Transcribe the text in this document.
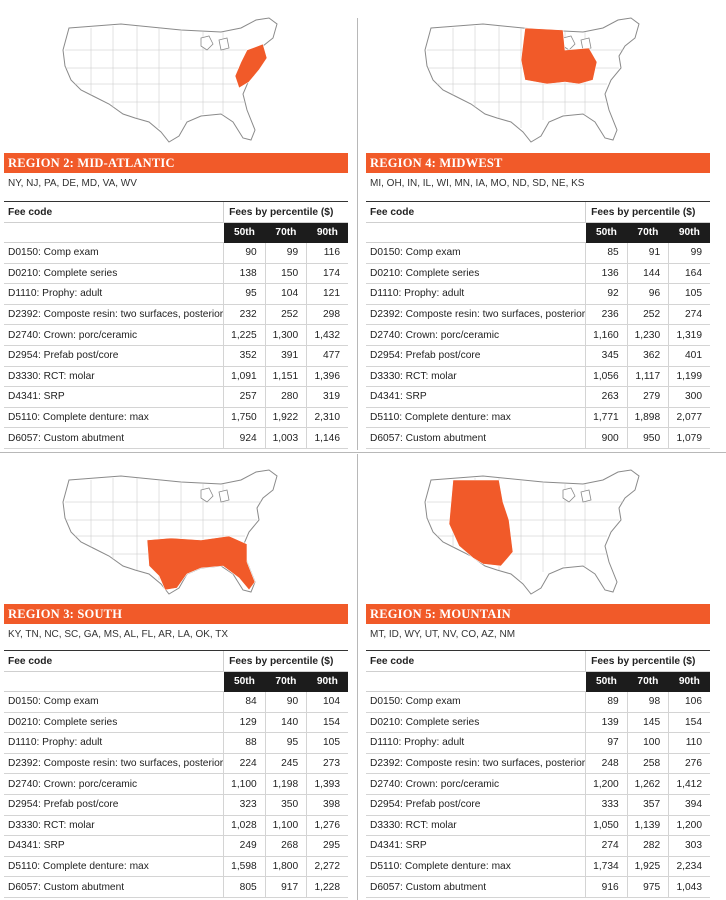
REGION 2: MID-ATLANTIC
NY, NJ, PA, DE, MD, VA, WV
Fee code	Fees by percentile ($)		
	50th	70th	90th
D0150: Comp exam	90	99	116
D0210: Complete series	138	150	174
D1110: Prophy: adult	95	104	121
D2392: Composte resin: two surfaces, posterior	232	252	298
D2740: Crown: porc/ceramic	1,225	1,300	1,432
D2954: Prefab post/core	352	391	477
D3330: RCT: molar	1,091	1,151	1,396
D4341: SRP	257	280	319
D5110: Complete denture: max	1,750	1,922	2,310
D6057: Custom abutment	924	1,003	1,146
REGION 4: MIDWEST
MI, OH, IN, IL, WI, MN, IA, MO, ND, SD, NE, KS
Fee code	Fees by percentile ($)		
	50th	70th	90th
D0150: Comp exam	85	91	99
D0210: Complete series	136	144	164
D1110: Prophy: adult	92	96	105
D2392: Composte resin: two surfaces, posterior	236	252	274
D2740: Crown: porc/ceramic	1,160	1,230	1,319
D2954: Prefab post/core	345	362	401
D3330: RCT: molar	1,056	1,117	1,199
D4341: SRP	263	279	300
D5110: Complete denture: max	1,771	1,898	2,077
D6057: Custom abutment	900	950	1,079
REGION 3: SOUTH
KY, TN, NC, SC, GA, MS, AL, FL, AR, LA, OK, TX
Fee code	Fees by percentile ($)		
	50th	70th	90th
D0150: Comp exam	84	90	104
D0210: Complete series	129	140	154
D1110: Prophy: adult	88	95	105
D2392: Composte resin: two surfaces, posterior	224	245	273
D2740: Crown: porc/ceramic	1,100	1,198	1,393
D2954: Prefab post/core	323	350	398
D3330: RCT: molar	1,028	1,100	1,276
D4341: SRP	249	268	295
D5110: Complete denture: max	1,598	1,800	2,272
D6057: Custom abutment	805	917	1,228
REGION 5: MOUNTAIN
MT, ID, WY, UT, NV, CO, AZ, NM
Fee code	Fees by percentile ($)		
	50th	70th	90th
D0150: Comp exam	89	98	106
D0210: Complete series	139	145	154
D1110: Prophy: adult	97	100	110
D2392: Composte resin: two surfaces, posterior	248	258	276
D2740: Crown: porc/ceramic	1,200	1,262	1,412
D2954: Prefab post/core	333	357	394
D3330: RCT: molar	1,050	1,139	1,200
D4341: SRP	274	282	303
D5110: Complete denture: max	1,734	1,925	2,234
D6057: Custom abutment	916	975	1,043
